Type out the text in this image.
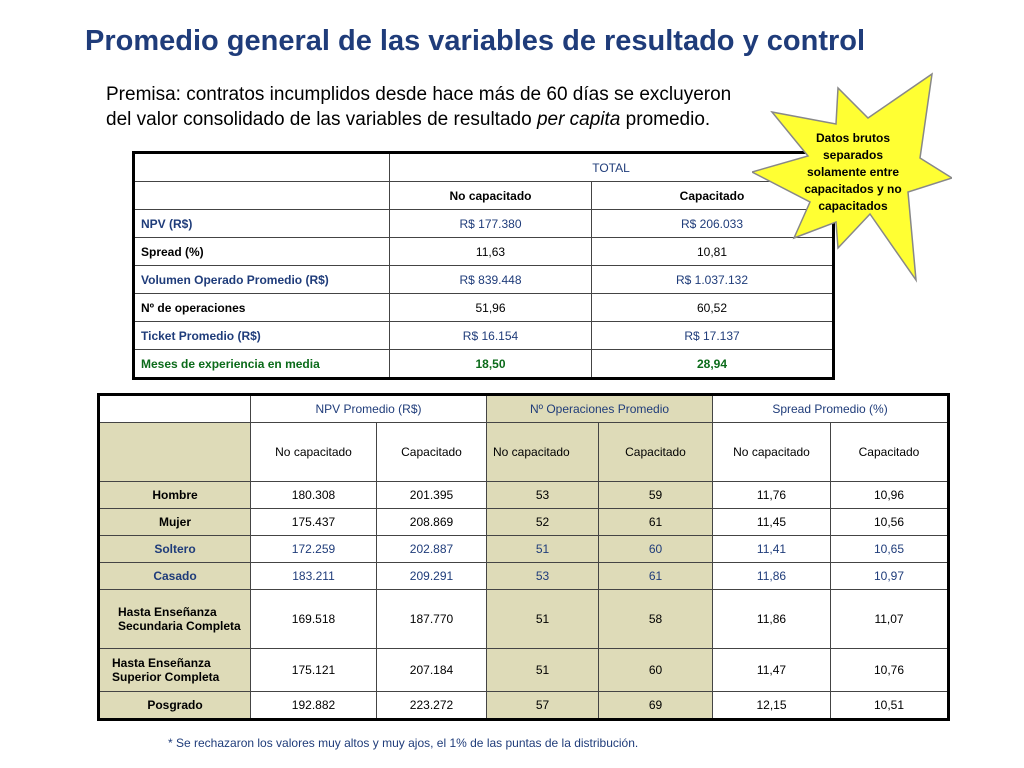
Promedio general de las variables de resultado y control

Premisa: contratos incumplidos desde hace más de 60 días se excluyeron del valor consolidado de las variables de resultado per capita promedio.

	TOTAL	
	No capacitado	Capacitado
NPV (R$)	R$ 177.380	R$ 206.033
Spread (%)	11,63	10,81
Volumen Operado Promedio (R$)	R$ 839.448	R$ 1.037.132
Nº de operaciones	51,96	60,52
Ticket Promedio (R$)	R$ 16.154	R$ 17.137
Meses de experiencia en media	18,50	28,94
Datos brutos separados solamente entre capacitados y no capacitados
	NPV Promedio (R$)		Nº Operaciones Promedio		Spread Promedio (%)	
	No capacitado	Capacitado	No capacitado	Capacitado	No capacitado	Capacitado
Hombre	180.308	201.395	53	59	11,76	10,96
Mujer	175.437	208.869	52	61	11,45	10,56
Soltero	172.259	202.887	51	60	11,41	10,65
Casado	183.211	209.291	53	61	11,86	10,97
Hasta Enseñanza Secundaria Completa	169.518	187.770	51	58	11,86	11,07
Hasta Enseñanza Superior Completa	175.121	207.184	51	60	11,47	10,76
Posgrado	192.882	223.272	57	69	12,15	10,51

* Se rechazaron los valores muy altos y muy ajos, el 1% de las puntas de la distribución.
